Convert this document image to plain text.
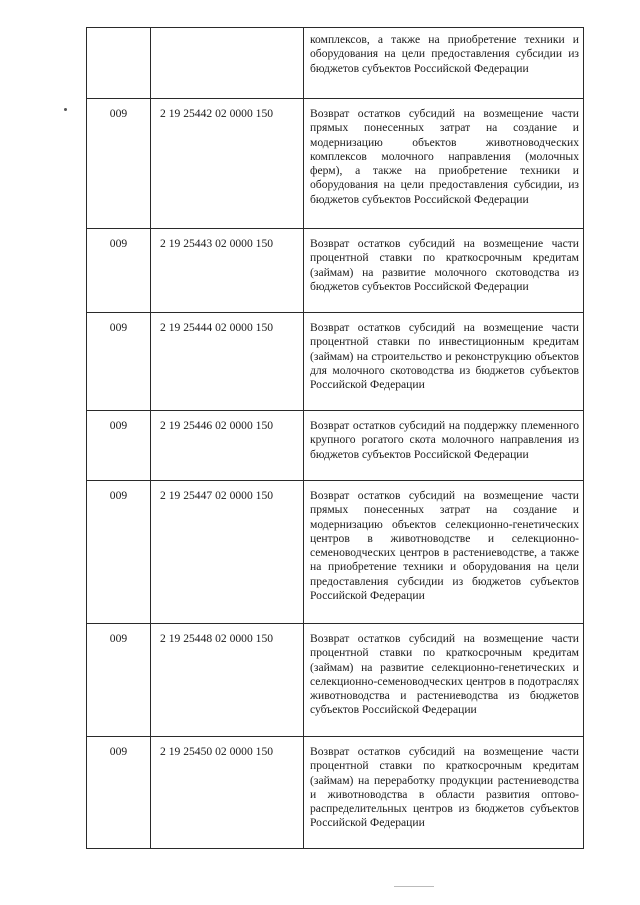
		комплексов, а также на приобретение техники и оборудования на цели предоставления субсидии из бюджетов субъектов Российской Федерации
009	2 19 25442 02 0000 150	Возврат остатков субсидий на возмещение части прямых понесенных затрат на создание и модернизацию объектов животноводческих комплексов молочного направления (молочных ферм), а также на приобретение техники и оборудования на цели предоставления субсидии, из бюджетов субъектов Российской Федерации
009	2 19 25443 02 0000 150	Возврат остатков субсидий на возмещение части процентной ставки по краткосрочным кредитам (займам) на развитие молочного скотоводства из бюджетов субъектов Российской Федерации
009	2 19 25444 02 0000 150	Возврат остатков субсидий на возмещение части процентной ставки по инвестиционным кредитам (займам) на строительство и реконструкцию объектов для молочного скотоводства из бюджетов субъектов Российской Федерации
009	2 19 25446 02 0000 150	Возврат остатков субсидий на поддержку племенного крупного рогатого скота молочного направления из бюджетов субъектов Российской Федерации
009	2 19 25447 02 0000 150	Возврат остатков субсидий на возмещение части прямых понесенных затрат на создание и модернизацию объектов селекционно-генетических центров в животноводстве и селекционно-семеноводческих центров в растениеводстве, а также на приобретение техники и оборудования на цели предоставления субсидии из бюджетов субъектов Российской Федерации
009	2 19 25448 02 0000 150	Возврат остатков субсидий на возмещение части процентной ставки по краткосрочным кредитам (займам) на развитие селекционно-генетических и селекционно-семеноводческих центров в подотраслях животноводства и растениеводства из бюджетов субъектов Российской Федерации
009	2 19 25450 02 0000 150	Возврат остатков субсидий на возмещение части процентной ставки по краткосрочным кредитам (займам) на переработку продукции растениеводства и животноводства в области развития оптово-распределительных центров из бюджетов субъектов Российской Федерации
